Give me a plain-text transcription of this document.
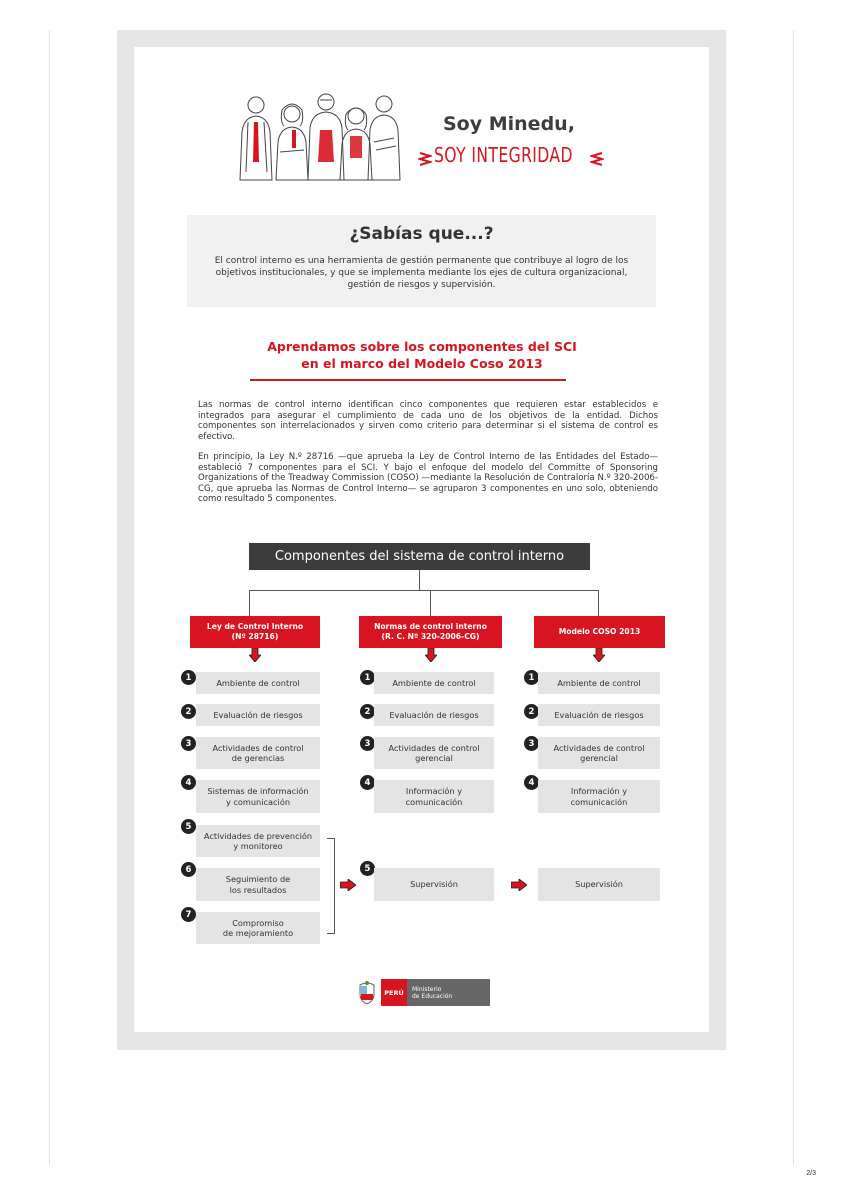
2/3
Soy Minedu,
SOY INTEGRIDAD
¿Sabías que...?
El control interno es una herramienta de gestión permanente que contribuye al logro de los objetivos institucionales, y que se implementa mediante los ejes de cultura organizacional, gestión de riesgos y supervisión.
Aprendamos sobre los componentes del SCI
en el marco del Modelo Coso 2013
Las normas de control interno identifican cinco componentes que requieren estar establecidos e integrados para asegurar el cumplimiento de cada uno de los objetivos de la entidad. Dichos componentes son interrelacionados y sirven como criterio para determinar si el sistema de control es efectivo.
En principio, la Ley N.º 28716 —que aprueba la Ley de Control Interno de las Entidades del Estado— estableció 7 componentes para el SCI. Y bajo el enfoque del modelo del Committe of Sponsoring Organizations of the Treadway Commission (COSO) —mediante la Resolución de Contraloría N.º 320-2006-CG, que aprueba las Normas de Control Interno— se agruparon 3 componentes en uno solo, obteniendo como resultado 5 componentes.
Componentes del sistema de control interno
Ley de Control Interno
(Nº 28716)
Normas de control interno
(R. C. Nº 320-2006-CG)
Modelo COSO 2013
1
Ambiente de control
2	Evaluación de riesgos
3	Actividades de control
de gerencias
4
Sistemas de información
y comunicación
5
Actividades de prevención
y monitoreo
6
Seguimiento de
los resultados
7
Compromiso
de mejoramiento
1
Ambiente de control
2	Evaluación de riesgos
3	Actividades de control
gerencial
4
Información y
comunicación
5
Supervisión
1
Ambiente de control
2	Evaluación de riesgos
3	Actividades de control
gerencial
4
Información y
comunicación
Supervisión
PERÚ	Ministerio
de Educación
